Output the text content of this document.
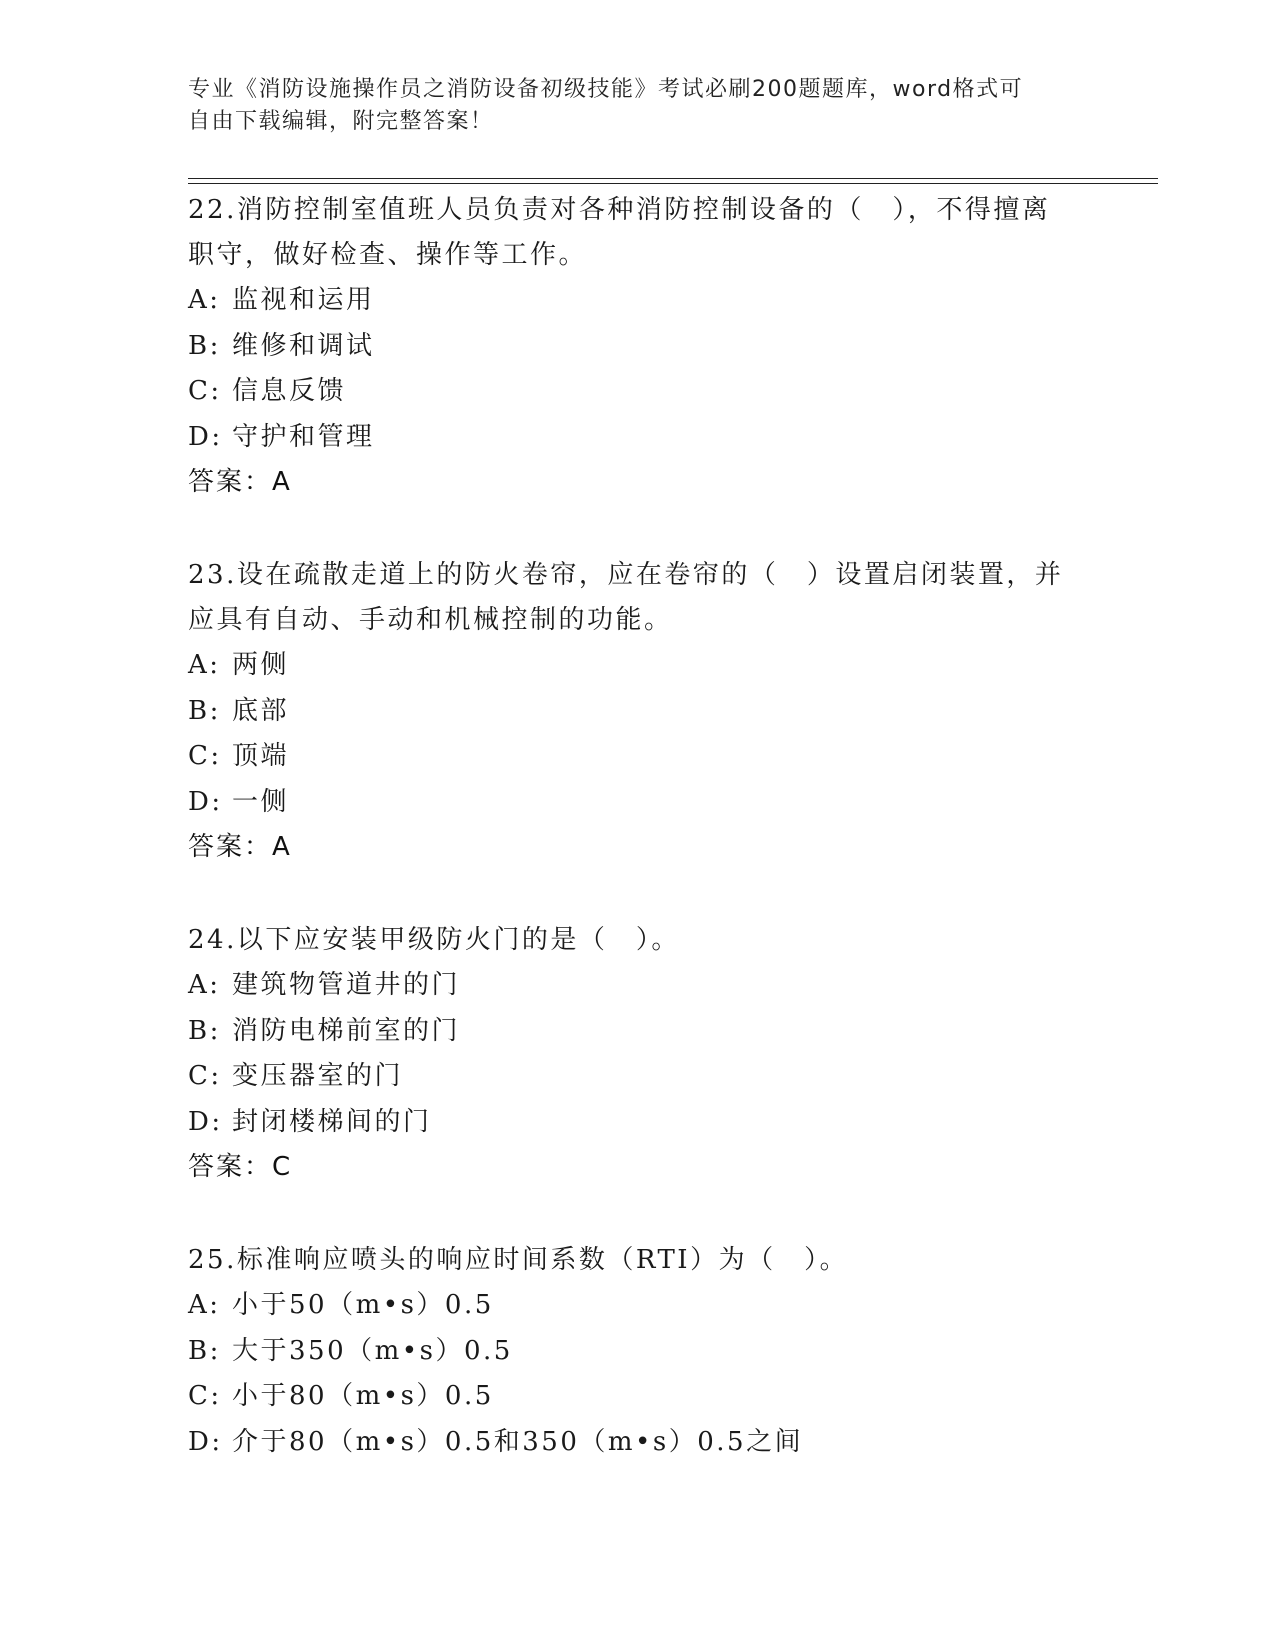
专业《消防设施操作员之消防设备初级技能》考试必刷200题题库，word格式可
自由下载编辑，附完整答案！
22.消防控制室值班人员负责对各种消防控制设备的（　），不得擅离
职守，做好检查、操作等工作。
A: 监视和运用
B: 维修和调试
C: 信息反馈
D: 守护和管理
答案：A
23.设在疏散走道上的防火卷帘，应在卷帘的（　）设置启闭装置，并
应具有自动、手动和机械控制的功能。
A: 两侧
B: 底部
C: 顶端
D: 一侧
答案：A
24.以下应安装甲级防火门的是（　）。
A: 建筑物管道井的门
B: 消防电梯前室的门
C: 变压器室的门
D: 封闭楼梯间的门
答案：C
25.标准响应喷头的响应时间系数（RTI）为（　）。
A: 小于50（m•s）0.5
B: 大于350（m•s）0.5
C: 小于80（m•s）0.5
D: 介于80（m•s）0.5和350（m•s）0.5之间
